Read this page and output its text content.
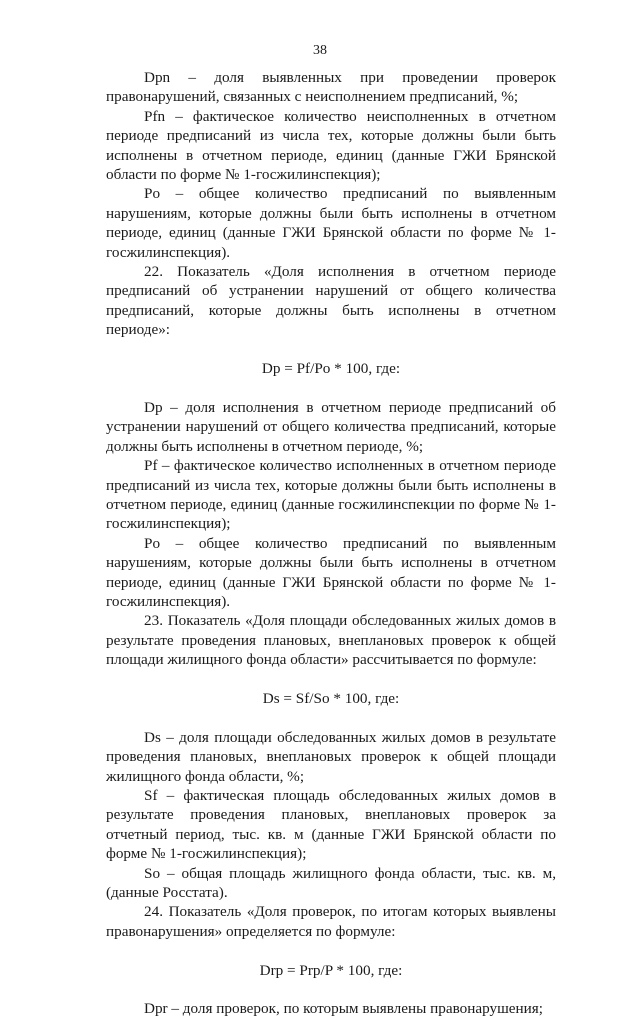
38

Dpn – доля выявленных при проведении проверок правонарушений, связанных с неисполнением предписаний, %;

Pfn – фактическое количество неисполненных в отчетном периоде предписаний из числа тех, которые должны были быть исполнены в отчетном периоде, единиц (данные ГЖИ Брянской области по форме № 1-госжилинспекция);

Po – общее количество предписаний по выявленным нарушениям, которые должны были быть исполнены в отчетном периоде, единиц (данные ГЖИ Брянской области по форме № 1-госжилинспекция).

22. Показатель «Доля исполнения в отчетном периоде предписаний об устранении нарушений от общего количества предписаний, которые должны быть исполнены в отчетном периоде»:

Dp = Pf/Po * 100, где:

Dp – доля исполнения в отчетном периоде предписаний об устранении нарушений от общего количества предписаний, которые должны быть исполнены в отчетном периоде, %;

Pf – фактическое количество исполненных в отчетном периоде предписаний из числа тех, которые должны были быть исполнены в отчетном периоде, единиц (данные госжилинспекции по форме № 1-госжилинспекция);

Po – общее количество предписаний по выявленным нарушениям, которые должны были быть исполнены в отчетном периоде, единиц (данные ГЖИ Брянской области по форме № 1-госжилинспекция).

23. Показатель «Доля площади обследованных жилых домов в результате проведения плановых, внеплановых проверок к общей площади жилищного фонда области» рассчитывается по формуле:

Ds = Sf/So * 100, где:

Ds – доля площади обследованных жилых домов в результате проведения плановых, внеплановых проверок к общей площади жилищного фонда области, %;

Sf – фактическая площадь обследованных жилых домов в результате проведения плановых, внеплановых проверок за отчетный период, тыс. кв. м (данные ГЖИ Брянской области по форме № 1-госжилинспекция);

So – общая площадь жилищного фонда области, тыс. кв. м, (данные Росстата).

24. Показатель «Доля проверок, по итогам которых выявлены правонарушения» определяется по формуле:

Drp = Prp/P * 100, где:

Dpr – доля проверок, по которым выявлены правонарушения;
